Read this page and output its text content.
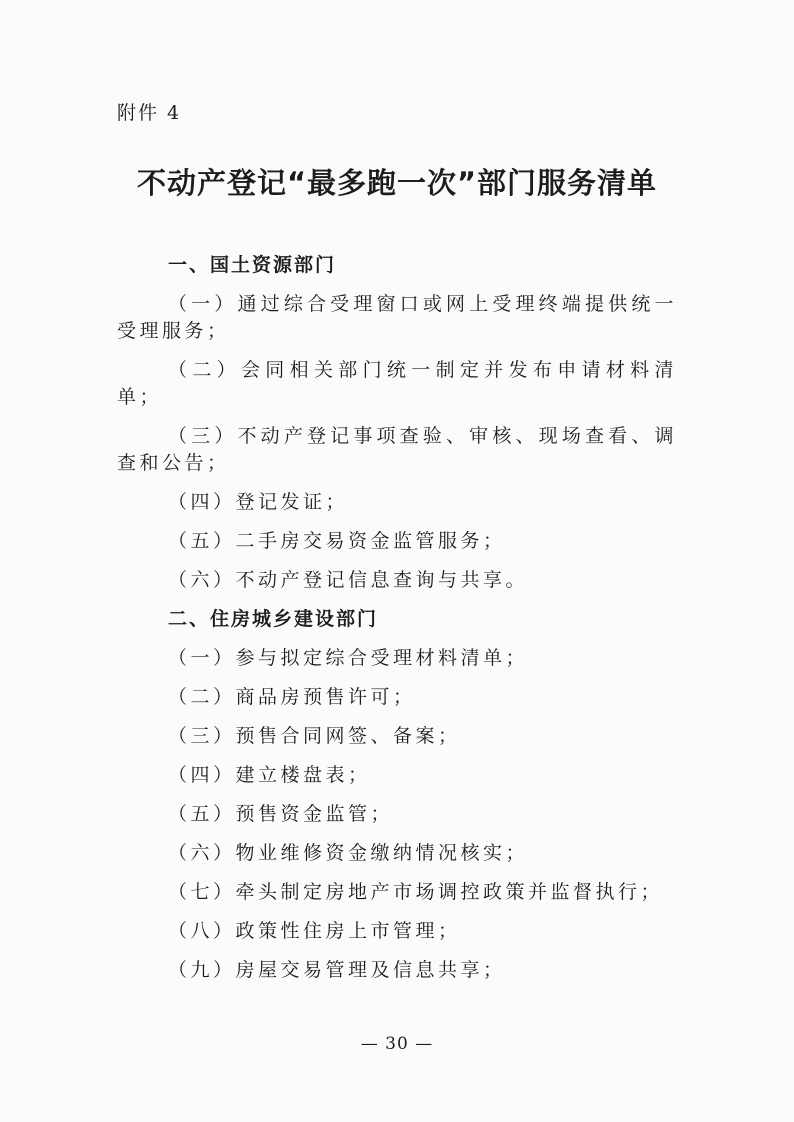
附件 4

不动产登记“最多跑一次”部门服务清单
一、国土资源部门
（一）通过综合受理窗口或网上受理终端提供统一受理服务；
（二）会同相关部门统一制定并发布申请材料清单；
（三）不动产登记事项查验、审核、现场查看、调查和公告；
（四）登记发证；
（五）二手房交易资金监管服务；
（六）不动产登记信息查询与共享。
二、住房城乡建设部门
（一）参与拟定综合受理材料清单；
（二）商品房预售许可；
（三）预售合同网签、备案；
（四）建立楼盘表；
（五）预售资金监管；
（六）物业维修资金缴纳情况核实；
（七）牵头制定房地产市场调控政策并监督执行；
（八）政策性住房上市管理；
（九）房屋交易管理及信息共享；
— 30 —
